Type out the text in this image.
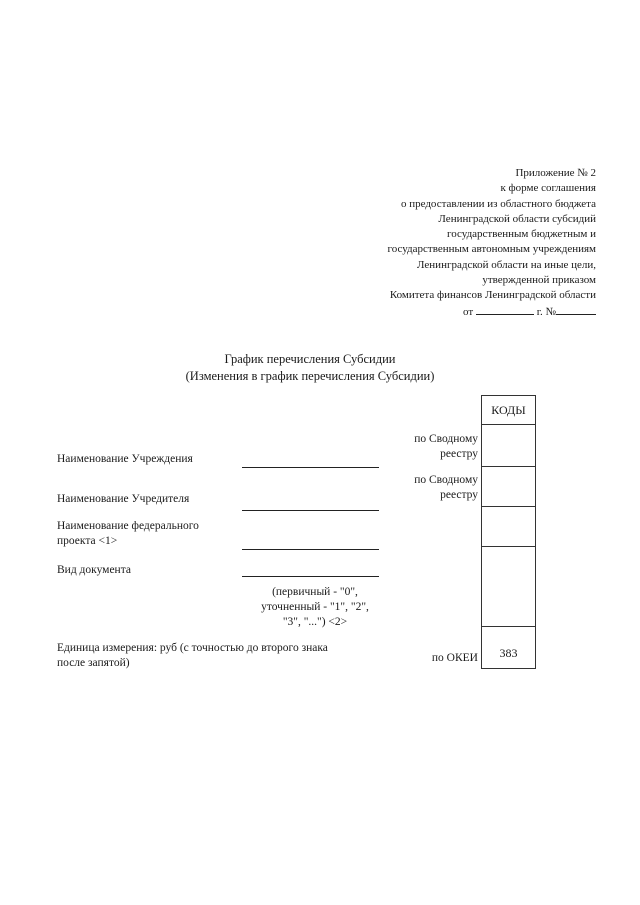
Приложение № 2
к форме соглашения
о предоставлении из областного бюджета
Ленинградской области субсидий
государственным бюджетным и
государственным автономным учреждениям
Ленинградской области на иные цели,
утвержденной приказом
Комитета финансов Ленинградской области
от	г. №
График перечисления Субсидии
(Изменения в график перечисления Субсидии)
Наименование Учреждения
Наименование Учредителя
Наименование федерального
проекта <1>
Вид документа
(первичный - "0",
уточненный - "1", "2",
"3", "...") <2>
Единица измерения: руб (с точностью до второго знака
после запятой)
по Сводному
реестру
по Сводному
реестру
по ОКЕИ
КОДЫ
383
